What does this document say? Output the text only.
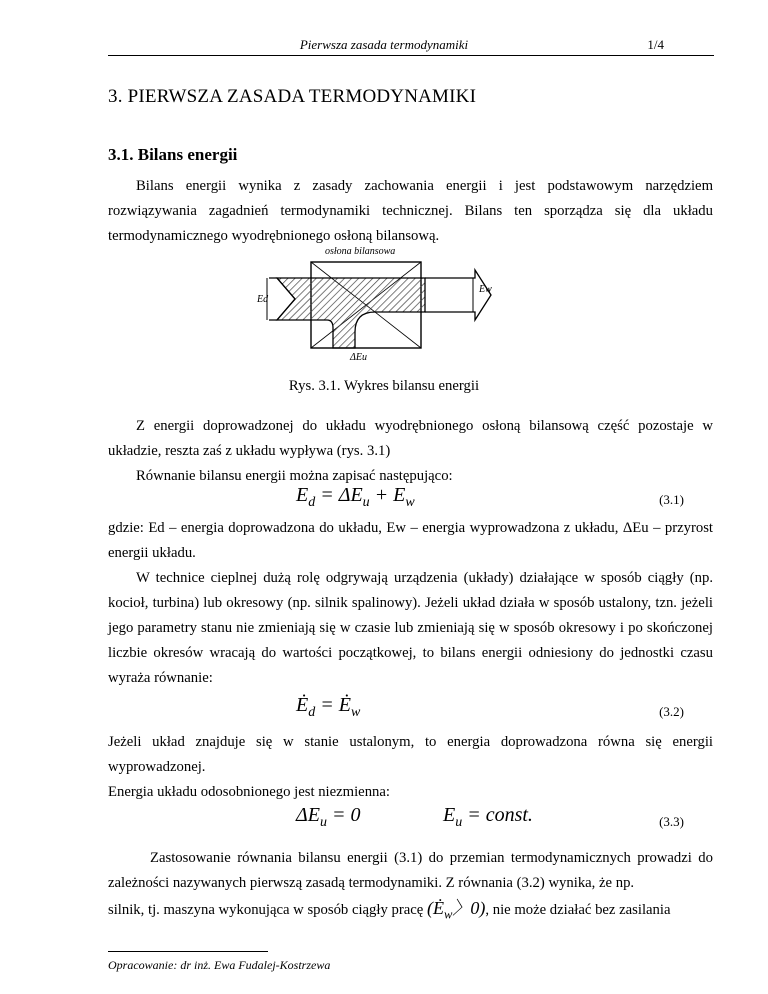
Pierwsza zasada termodynamiki	1/4
3. PIERWSZA ZASADA TERMODYNAMIKI
3.1. Bilans energii
Bilans energii wynika z zasady zachowania energii i jest podstawowym narzędziem rozwiązywania zagadnień termodynamiki technicznej. Bilans ten sporządza się dla układu termodynamicznego wyodrębnionego osłoną bilansową.
osłona bilansowa
Ed
Ew
ΔEu
Rys. 3.1. Wykres bilansu energii
Z energii doprowadzonej do układu wyodrębnionego osłoną bilansową część pozostaje w układzie, reszta zaś z układu wypływa (rys. 3.1)
Równanie bilansu energii można zapisać następująco:
$E_d = \Delta E_u + E_w$	(3.1)
gdzie: Ed – energia doprowadzona do układu, Ew – energia wyprowadzona z układu, ΔEu – przyrost energii układu.
W technice cieplnej dużą rolę odgrywają urządzenia (układy) działające w sposób ciągły (np. kocioł, turbina) lub okresowy (np. silnik spalinowy). Jeżeli układ działa w sposób ustalony, tzn. jeżeli jego parametry stanu nie zmieniają się w czasie lub zmieniają się w sposób okresowy i po skończonej liczbie okresów wracają do wartości początkowej, to bilans energii odniesiony do jednostki czasu wyraża równanie:
$Ė_d$ = $Ė_w$	(3.2)
Jeżeli układ znajduje się w stanie ustalonym, to energia doprowadzona równa się energii wyprowadzonej.
Energia układu odosobnionego jest niezmienna:
$\Delta E_u = 0$	$E_u$ = const.	(3.3)
Zastosowanie równania bilansu energii (3.1) do przemian termodynamicznych prowadzi do zależności nazywanych pierwszą zasadą termodynamiki. Z równania (3.2) wynika, że np.
silnik, tj. maszyna wykonująca w sposób ciągły pracę ($Ė_w$〉0), nie może działać bez zasilania
Opracowanie: dr inż. Ewa Fudalej-Kostrzewa
